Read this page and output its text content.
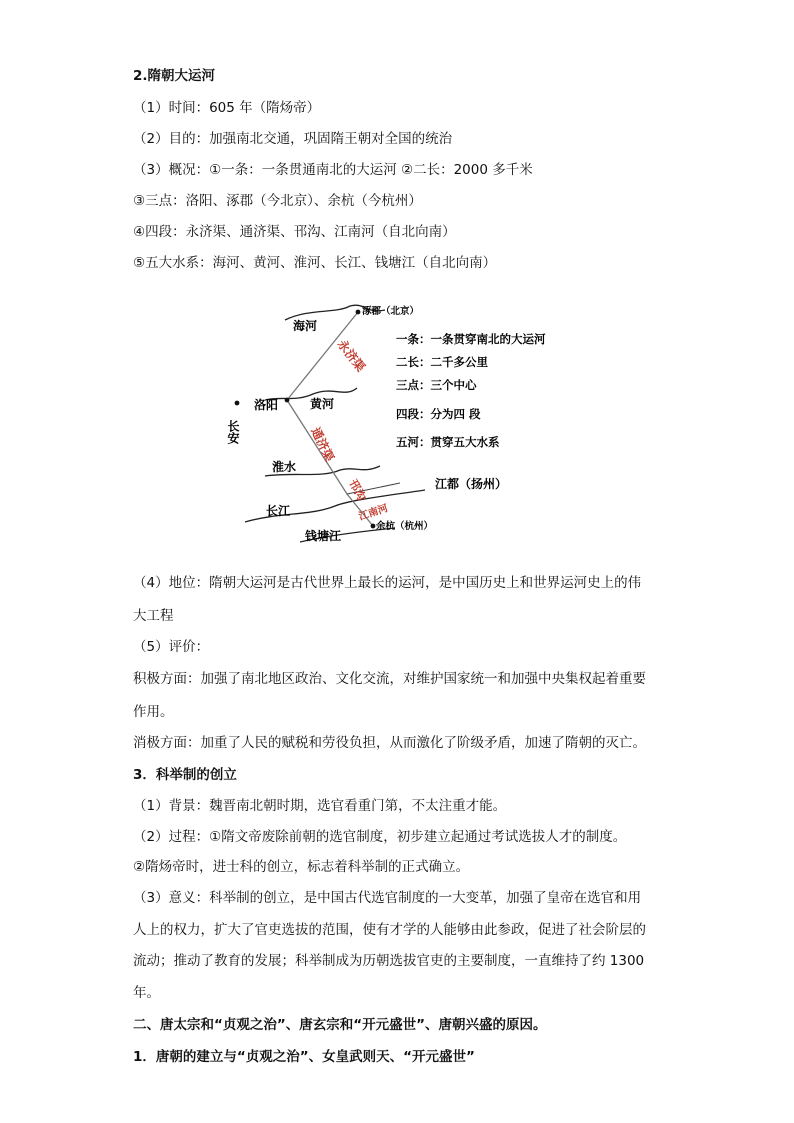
2.隋朝大运河
（1）时间：605 年（隋炀帝）
（2）目的：加强南北交通，巩固隋王朝对全国的统治
（3）概况：①一条：一条贯通南北的大运河 ②二长：2000 多千米
③三点：洛阳、涿郡（今北京）、余杭（今杭州）
④四段：永济渠、通济渠、邗沟、江南河（自北向南）
⑤五大水系：海河、黄河、淮河、长江、钱塘江（自北向南）
涿郡（北京）
海河
洛阳
长安
黄河
淮水
江都（扬州）
长江
钱塘江
余杭（杭州）
永济渠
通济渠
邗沟
江南河
一条：一条贯穿南北的大运河
二长：二千多公里
三点：三个中心
四段：分为四 段
五河：贯穿五大水系
（4）地位：隋朝大运河是古代世界上最长的运河，是中国历史上和世界运河史上的伟
大工程
（5）评价：
积极方面：加强了南北地区政治、文化交流，对维护国家统一和加强中央集权起着重要
作用。
消极方面：加重了人民的赋税和劳役负担，从而激化了阶级矛盾，加速了隋朝的灭亡。
3．科举制的创立
（1）背景：魏晋南北朝时期，选官看重门第，不太注重才能。
（2）过程：①隋文帝废除前朝的选官制度，初步建立起通过考试选拔人才的制度。
②隋炀帝时，进士科的创立，标志着科举制的正式确立。
（3）意义：科举制的创立，是中国古代选官制度的一大变革，加强了皇帝在选官和用
人上的权力，扩大了官吏选拔的范围，使有才学的人能够由此参政，促进了社会阶层的
流动；推动了教育的发展；科举制成为历朝选拔官吏的主要制度，一直维持了约 1300
年。
二、唐太宗和“贞观之治”、唐玄宗和“开元盛世”、唐朝兴盛的原因。
1．唐朝的建立与“贞观之治”、女皇武则天、“开元盛世”
